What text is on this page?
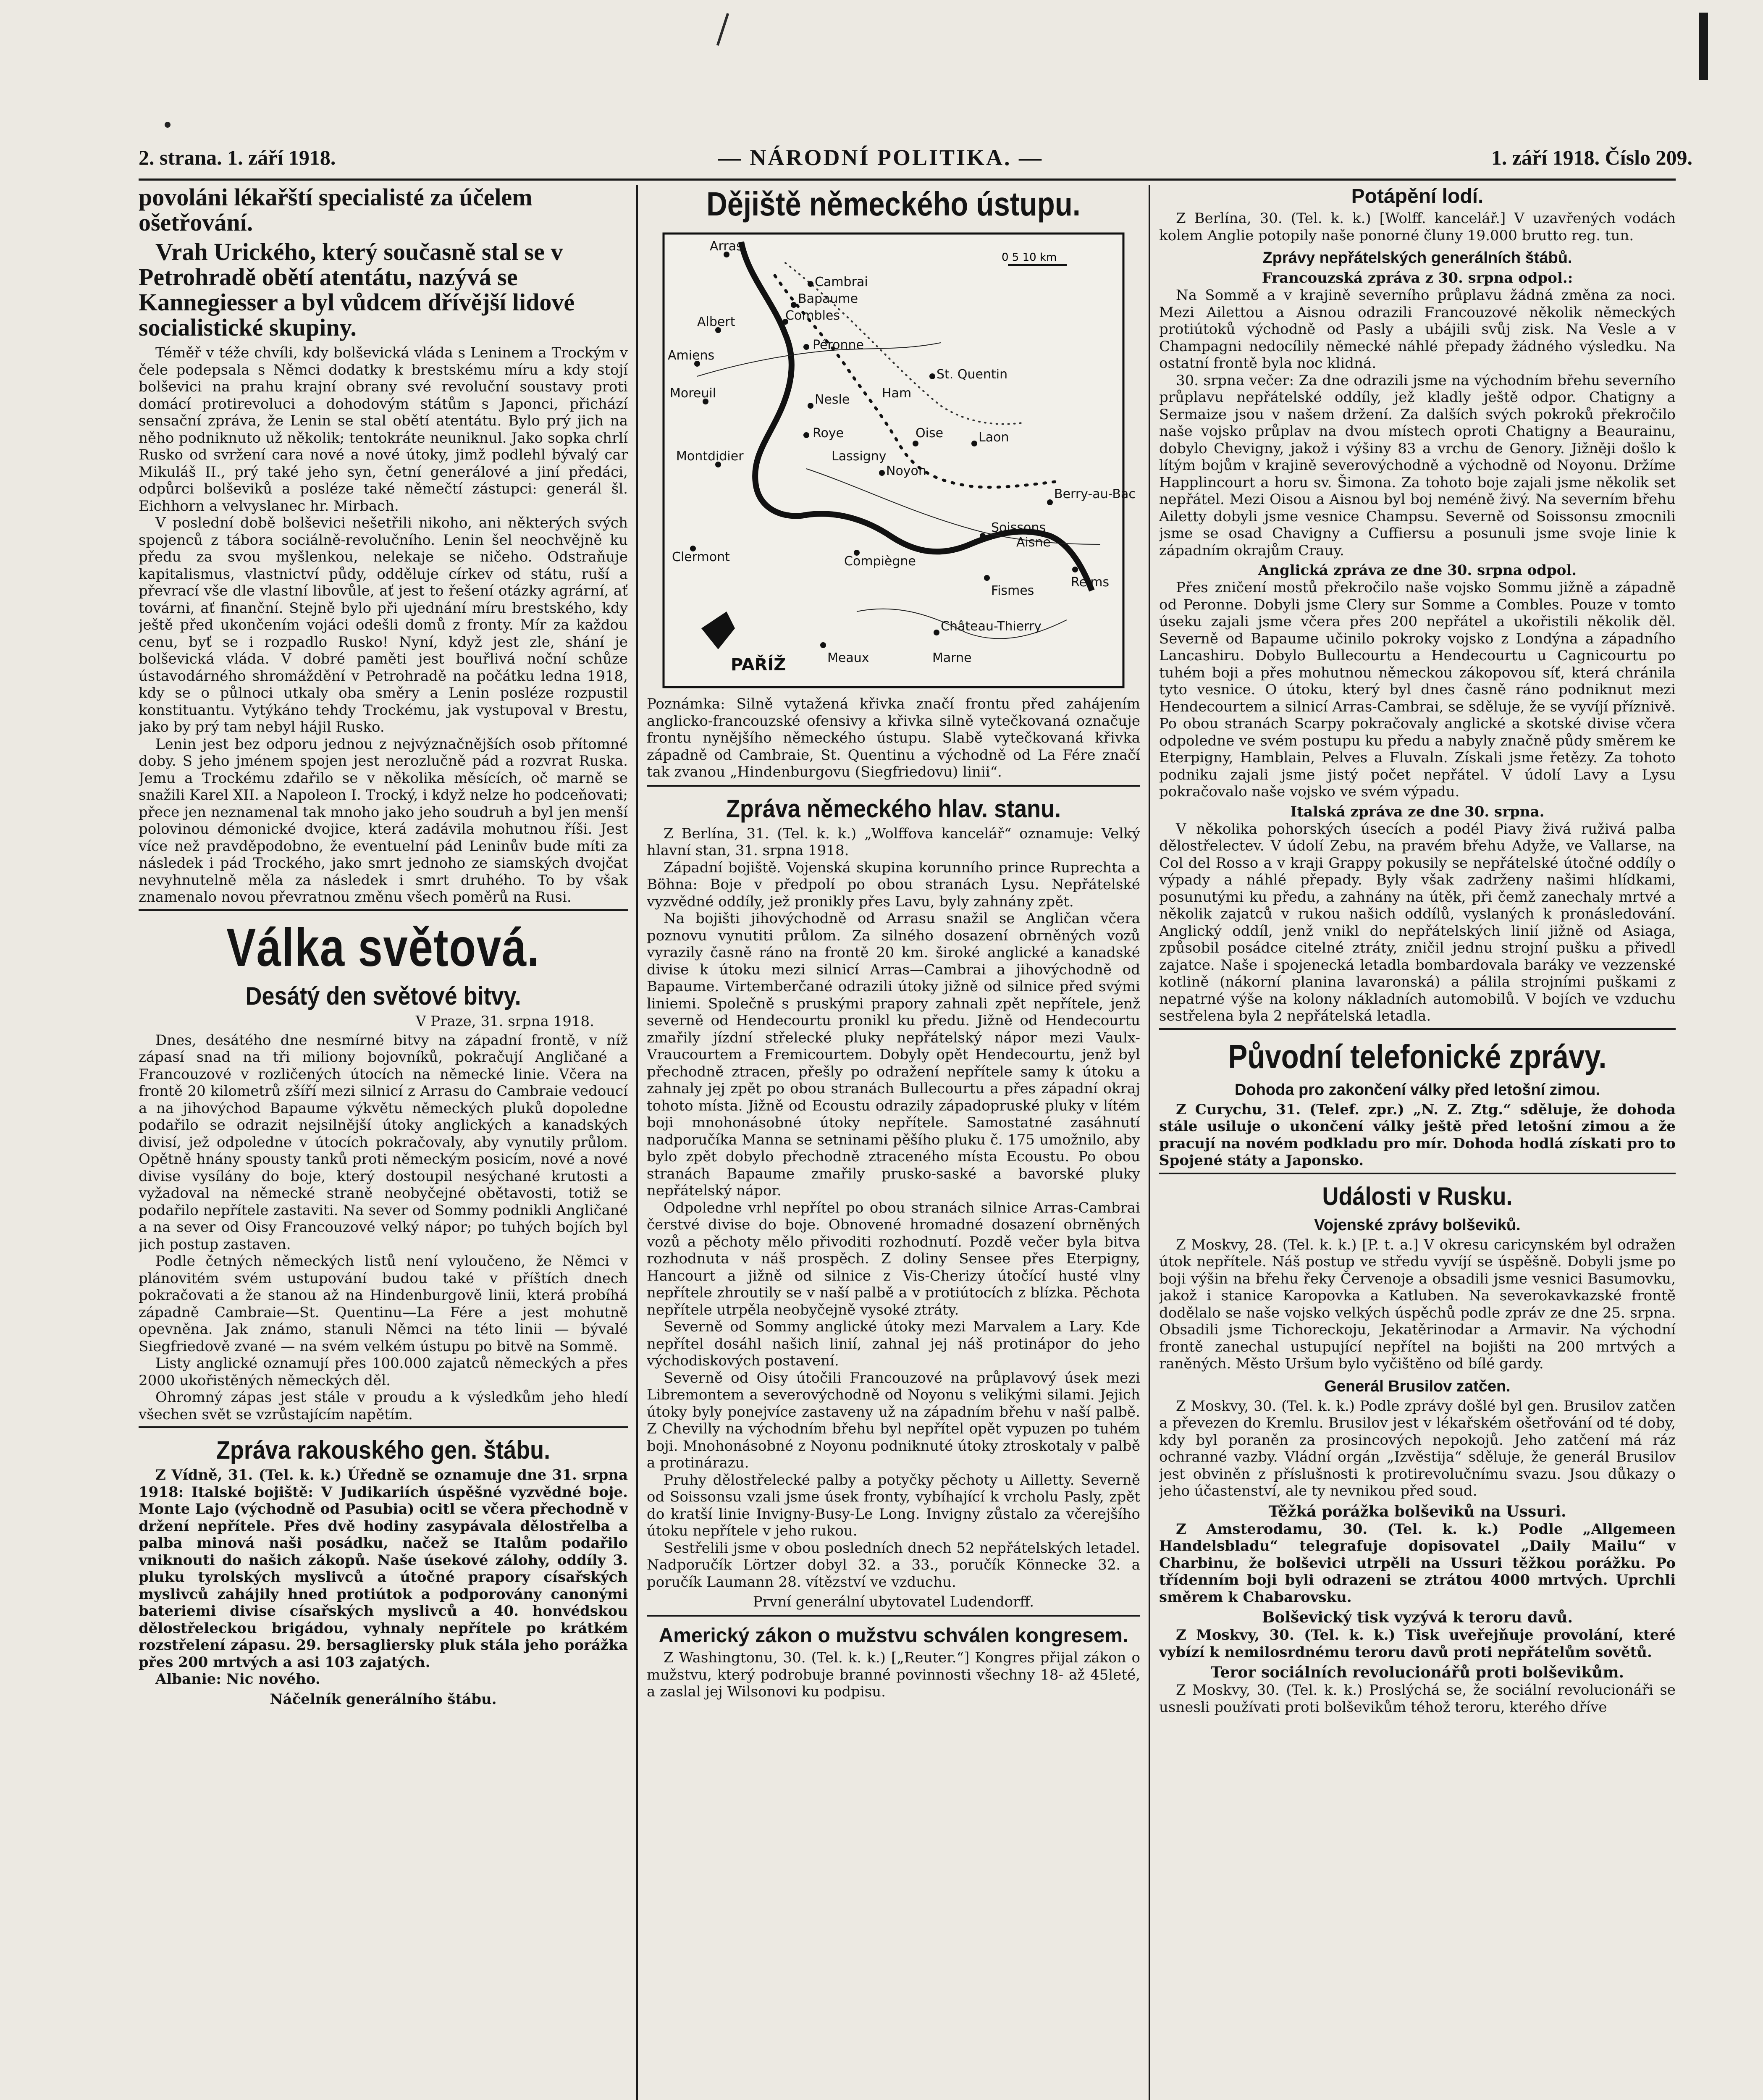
2. strana. 1. září 1918.	— NÁRODNÍ POLITIKA. —	1. září 1918. Číslo 209.
povoláni lékařští specialisté za účelem ošetřování.
Vrah Urického, který současně stal se v Petrohradě obětí atentátu, nazývá se Kannegiesser a byl vůdcem dřívější lidové socialistické skupiny.

Téměř v téže chvíli, kdy bolševická vláda s Leninem a Trockým v čele podepsala s Němci dodatky k brestskému míru a kdy stojí bolševici na prahu krajní obrany své revoluční soustavy proti domácí protirevoluci a dohodovým státům s Japonci, přichází sensační zpráva, že Lenin se stal obětí atentátu. Bylo prý jich na něho podniknuto už několik; tentokráte neuniknul. Jako sopka chrlí Rusko od svržení cara nové a nové útoky, jimž podlehl bývalý car Mikuláš II., prý také jeho syn, četní generálové a jiní předáci, odpůrci bolševiků a posléze také němečtí zástupci: generál šl. Eichhorn a velvyslanec hr. Mirbach.

V poslední době bolševici nešetřili nikoho, ani některých svých spojenců z tábora sociálně-revolučního. Lenin šel neochvějně ku předu za svou myšlenkou, nelekaje se ničeho. Odstraňuje kapitalismus, vlastnictví půdy, odděluje církev od státu, ruší a převrací vše dle vlastní libovůle, ať jest to řešení otázky agrární, ať továrni, ať finanční. Stejně bylo při ujednání míru brestského, kdy ještě před ukončením vojáci odešli domů z fronty. Mír za každou cenu, byť se i rozpadlo Rusko! Nyní, když jest zle, shání je bolševická vláda. V dobré paměti jest bouřlivá noční schůze ústavodárného shromáždění v Petrohradě na počátku ledna 1918, kdy se o půlnoci utkaly oba směry a Lenin posléze rozpustil konstituantu. Vytýkáno tehdy Trockému, jak vystupoval v Brestu, jako by prý tam nebyl hájil Rusko.

Lenin jest bez odporu jednou z nejvýznačnějších osob přítomné doby. S jeho jménem spojen jest nerozlučně pád a rozvrat Ruska. Jemu a Trockému zdařilo se v několika měsících, oč marně se snažili Karel XII. a Napoleon I. Trocký, i když nelze ho podceňovati; přece jen neznamenal tak mnoho jako jeho soudruh a byl jen menší polovinou démonické dvojice, která zadávila mohutnou říši. Jest více než pravděpodobno, že eventuelní pád Leninův bude míti za následek i pád Trockého, jako smrt jednoho ze siamských dvojčat nevyhnutelně měla za následek i smrt druhého. To by však znamenalo novou převratnou změnu všech poměrů na Rusi.

Válka světová.
Desátý den světové bitvy.
V Praze, 31. srpna 1918.

Dnes, desátého dne nesmírné bitvy na západní frontě, v níž zápasí snad na tři miliony bojovníků, pokračují Angličané a Francouzové v rozličených útocích na německé linie. Včera na frontě 20 kilometrů zšíří mezi silnicí z Arrasu do Cambraie vedoucí a na jihovýchod Bapaume výkvětu německých pluků dopoledne podařilo se odrazit nejsilnější útoky anglických a kanadských divisí, jež odpoledne v útocích pokračovaly, aby vynutily průlom. Opětně hnány spousty tanků proti německým posicím, nové a nové divise vysílány do boje, který dostoupil nesýchané krutosti a vyžadoval na německé straně neobyčejné obětavosti, totiž se podařilo nepřítele zastaviti. Na sever od Sommy podnikli Angličané a na sever od Oisy Francouzové velký nápor; po tuhých bojích byl jich postup zastaven.

Podle četných německých listů není vyloučeno, že Němci v plánovitém svém ustupování budou také v příštích dnech pokračovati a že stanou až na Hindenburgově linii, která probíhá západně Cambraie—St. Quentinu—La Fére a jest mohutně opevněna. Jak známo, stanuli Němci na této linii — bývalé Siegfriedově zvané — na svém velkém ústupu po bitvě na Sommě.

Listy anglické oznamují přes 100.000 zajatců německých a přes 2000 ukořistěných německých děl.

Ohromný zápas jest stále v proudu a k výsledkům jeho hledí všechen svět se vzrůstajícím napětím.

Zpráva rakouského gen. štábu.

Z Vídně, 31. (Tel. k. k.) Úředně se oznamuje dne 31. srpna 1918: Italské bojiště: V Judikariích úspěšné vyzvědné boje. Monte Lajo (východně od Pasubia) ocitl se včera přechodně v držení nepřítele. Přes dvě hodiny zasypávala dělostřelba a palba minová naši posádku, načež se Italům podařilo vniknouti do našich zákopů. Naše úsekové zálohy, oddíly 3. pluku tyrolských myslivců a útočné prapory císařských myslivců zahájily hned protiútok a podporovány canonými bateriemi divise císařských myslivců a 40. honvédskou dělostřeleckou brigádou, vyhnaly nepřítele po krátkém rozstřelení zápasu. 29. bersagliersky pluk stála jeho porážka přes 200 mrtvých a asi 103 zajatých.

Albanie: Nic nového.

Náčelník generálního štábu.
Dějiště německého ústupu.
0 5 10 km
Arras
Cambrai
Bapaume
Combles
Albert
Péronne
Amiens
Moreuil	Nesle
St. Quentin
Roye
Ham
Montdidier
Noyon
Lassigny
Oise	Laon
Soissons
Aisne
Berry-au-Bac
Clermont	Compiègne
Reims
Fismes
Meaux
Château-Thierry
Marne
PAŘÍŽ
Poznámka: Silně vytažená křivka značí frontu před zahájením anglicko-francouzské ofensivy a křivka silně vytečkovaná označuje frontu nynějšího německého ústupu. Slabě vytečkovaná křivka západně od Cambraie, St. Quentinu a východně od La Fére značí tak zvanou „Hindenburgovu (Siegfriedovu) linii“.
Zpráva německého hlav. stanu.

Z Berlína, 31. (Tel. k. k.) „Wolffova kancelář“ oznamuje: Velký hlavní stan, 31. srpna 1918.

Západní bojiště. Vojenská skupina korunního prince Ruprechta a Böhna: Boje v předpolí po obou stranách Lysu. Nepřátelské vyzvědné oddíly, jež pronikly přes Lavu, byly zahnány zpět.

Na bojišti jihovýchodně od Arrasu snažil se Angličan včera poznovu vynutiti průlom. Za silného dosazení obrněných vozů vyrazily časně ráno na frontě 20 km. široké anglické a kanadské divise k útoku mezi silnicí Arras—Cambrai a jihovýchodně od Bapaume. Virtemberčané odrazili útoky jižně od silnice před svými liniemi. Společně s pruskými prapory zahnali zpět nepřítele, jenž severně od Hendecourtu pronikl ku předu. Jižně od Hendecourtu zmařily jízdní střelecké pluky nepřátelský nápor mezi Vaulx-Vraucourtem a Fremicourtem. Dobyly opět Hendecourtu, jenž byl přechodně ztracen, přešly po odražení nepřítele samy k útoku a zahnaly jej zpět po obou stranách Bullecourtu a přes západní okraj tohoto místa. Jižně od Ecoustu odrazily západopruské pluky v lítém boji mnohonásobné útoky nepřítele. Samostatné zasáhnutí nadporučíka Manna se setninami pěšího pluku č. 175 umožnilo, aby bylo zpět dobylo přechodně ztraceného místa Ecoustu. Po obou stranách Bapaume zmařily prusko-saské a bavorské pluky nepřátelský nápor.

Odpoledne vrhl nepřítel po obou stranách silnice Arras-Cambrai čerstvé divise do boje. Obnovené hromadné dosazení obrněných vozů a pěchoty mělo přivoditi rozhodnutí. Pozdě večer byla bitva rozhodnuta v náš prospěch. Z doliny Sensee přes Eterpigny, Hancourt a jižně od silnice z Vis-Cherizy útočící husté vlny nepřítele zhroutily se v naší palbě a v protiútocích z blízka. Pěchota nepřítele utrpěla neobyčejně vysoké ztráty.

Severně od Sommy anglické útoky mezi Marvalem a Lary. Kde nepřítel dosáhl našich linií, zahnal jej náš protinápor do jeho východiskových postavení.

Severně od Oisy útočili Francouzové na průplavový úsek mezi Libremontem a severovýchodně od Noyonu s velikými silami. Jejich útoky byly ponejvíce zastaveny už na západním břehu v naší palbě. Z Chevilly na východním břehu byl nepřítel opět vypuzen po tuhém boji. Mnohonásobné z Noyonu podniknuté útoky ztroskotaly v palbě a protinárazu.

Pruhy dělostřelecké palby a potyčky pěchoty u Ailletty. Severně od Soissonsu vzali jsme úsek fronty, vybíhající k vrcholu Pasly, zpět do kratší linie Invigny-Busy-Le Long. Invigny zůstalo za včerejšího útoku nepřítele v jeho rukou.

Sestřelili jsme v obou posledních dnech 52 nepřátelských letadel. Nadporučík Lörtzer dobyl 32. a 33., poručík Könnecke 32. a poručík Laumann 28. vítězství ve vzduchu.

První generální ubytovatel Ludendorff.
Americký zákon o mužstvu schválen kongresem.

Z Washingtonu, 30. (Tel. k. k.) [„Reuter.“] Kongres přijal zákon o mužstvu, který podrobuje branné povinnosti všechny 18- až 45leté, a zaslal jej Wilsonovi ku podpisu.

Potápění lodí.

Z Berlína, 30. (Tel. k. k.) [Wolff. kancelář.] V uzavřených vodách kolem Anglie potopily naše ponorné čluny 19.000 brutto reg. tun.

Zprávy nepřátelských generálních štábů.
Francouzská zpráva z 30. srpna odpol.:

Na Sommě a v krajině severního průplavu žádná změna za noci. Mezi Ailettou a Aisnou odrazili Francouzové několik německých protiútoků východně od Pasly a ubájili svůj zisk. Na Vesle a v Champagni nedocílily německé náhlé přepady žádného výsledku. Na ostatní frontě byla noc klidná.

30. srpna večer: Za dne odrazili jsme na východním břehu severního průplavu nepřátelské oddíly, jež kladly ještě odpor. Chatigny a Sermaize jsou v našem držení. Za dalších svých pokroků překročilo naše vojsko průplav na dvou místech oproti Chatigny a Beaurainu, dobylo Chevigny, jakož i výšiny 83 a vrchu de Genory. Jižněji došlo k lítým bojům v krajině severovýchodně a východně od Noyonu. Držíme Happlincourt a horu sv. Šimona. Za tohoto boje zajali jsme několik set nepřátel. Mezi Oisou a Aisnou byl boj neméně živý. Na severním břehu Ailetty dobyli jsme vesnice Champsu. Severně od Soissonsu zmocnili jsme se osad Chavigny a Cuffiersu a posunuli jsme svoje linie k západním okrajům Crauy.

Anglická zpráva ze dne 30. srpna odpol.

Přes zničení mostů překročilo naše vojsko Sommu jižně a západně od Peronne. Dobyli jsme Clery sur Somme a Combles. Pouze v tomto úseku zajali jsme včera přes 200 nepřátel a ukořistili několik děl. Severně od Bapaume učinilo pokroky vojsko z Londýna a západního Lancashiru. Dobylo Bullecourtu a Hendecourtu u Cagnicourtu po tuhém boji a přes mohutnou německou zákopovou síť, která chránila tyto vesnice. O útoku, který byl dnes časně ráno podniknut mezi Hendecourtem a silnicí Arras-Cambrai, se sděluje, že se vyvíjí příznivě. Po obou stranách Scarpy pokračovaly anglické a skotské divise včera odpoledne ve svém postupu ku předu a nabyly značně půdy směrem ke Eterpigny, Hamblain, Pelves a Fluvaln. Získali jsme řetězy. Za tohoto podniku zajali jsme jistý počet nepřátel. V údolí Lavy a Lysu pokračovalo naše vojsko ve svém výpadu.

Italská zpráva ze dne 30. srpna.

V několika pohorských úsecích a podél Piavy živá ruživá palba dělostřelectev. V údolí Zebu, na pravém břehu Adyže, ve Vallarse, na Col del Rosso a v kraji Grappy pokusily se nepřátelské útočné oddíly o výpady a náhlé přepady. Byly však zadrženy našimi hlídkami, posunutými ku předu, a zahnány na útěk, při čemž zanechaly mrtvé a několik zajatců v rukou našich oddílů, vyslaných k pronásledování. Anglický oddíl, jenž vnikl do nepřátelských linií jižně od Asiaga, způsobil posádce citelné ztráty, zničil jednu strojní pušku a přivedl zajatce. Naše i spojenecká letadla bombardovala baráky ve vezzenské kotlině (nákorní planina lavaronská) a pálila strojními puškami z nepatrné výše na kolony nákladních automobilů. V bojích ve vzduchu sestřelena byla 2 nepřátelská letadla.

Původní telefonické zprávy.
Dohoda pro zakončení války před letošní zimou.

Z Curychu, 31. (Telef. zpr.) „N. Z. Ztg.“ sděluje, že dohoda stále usiluje o ukončení války ještě před letošní zimou a že pracují na novém podkladu pro mír. Dohoda hodlá získati pro to Spojené státy a Japonsko.

Události v Rusku.
Vojenské zprávy bolševiků.

Z Moskvy, 28. (Tel. k. k.) [P. t. a.] V okresu caricynském byl odražen útok nepřítele. Náš postup ve středu vyvíjí se úspěšně. Dobyli jsme po boji výšin na břehu řeky Červenoje a obsadili jsme vesnici Basumovku, jakož i stanice Karopovka a Katluben. Na severokavkazské frontě dodělalo se naše vojsko velkých úspěchů podle zpráv ze dne 25. srpna. Obsadili jsme Tichoreckoju, Jekatěrinodar a Armavir. Na východní frontě zanechal ustupující nepřítel na bojišti na 200 mrtvých a raněných. Město Uršum bylo vyčištěno od bílé gardy.

Generál Brusilov zatčen.

Z Moskvy, 30. (Tel. k. k.) Podle zprávy došlé byl gen. Brusilov zatčen a převezen do Kremlu. Brusilov jest v lékařském ošetřování od té doby, kdy byl poraněn za prosincových nepokojů. Jeho zatčení má ráz ochranné vazby. Vládní orgán „Izvěstija“ sděluje, že generál Brusilov jest obviněn z příslušnosti k protirevolučnímu svazu. Jsou důkazy o jeho účastenství, ale ty nevnikou před soud.

Těžká porážka bolševiků na Ussuri.

Z Amsterodamu, 30. (Tel. k. k.) Podle „Allgemeen Handelsbladu“ telegrafuje dopisovatel „Daily Mailu“ v Charbinu, že bolševici utrpěli na Ussuri těžkou porážku. Po třídenním boji byli odrazeni se ztrátou 4000 mrtvých. Uprchli směrem k Chabarovsku.

Bolševický tisk vyzývá k teroru davů.

Z Moskvy, 30. (Tel. k. k.) Tisk uveřejňuje provolání, které vybízí k nemilosrdnému teroru davů proti nepřátelům sovětů.

Teror sociálních revolucionářů proti bolševikům.

Z Moskvy, 30. (Tel. k. k.) Proslýchá se, že sociální revolucionáři se usnesli používati proti bolševikům téhož teroru, kterého dříve
